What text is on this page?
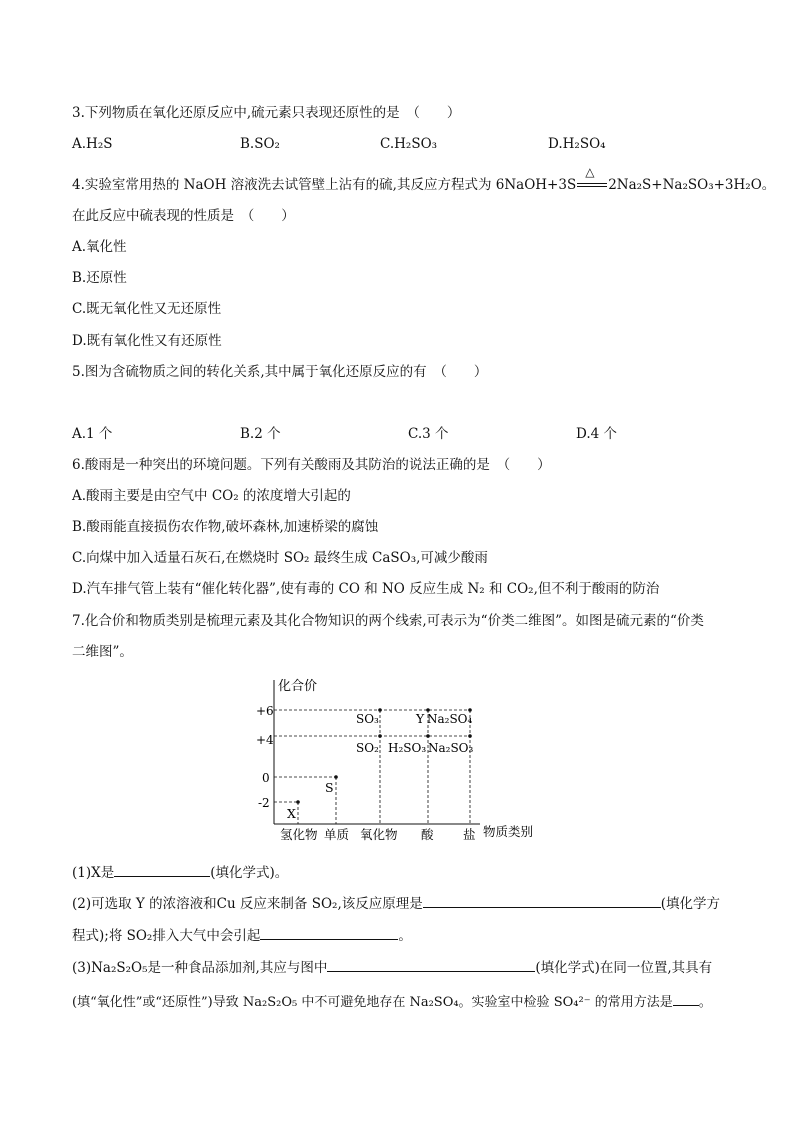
3.下列物质在氧化还原反应中,硫元素只表现还原性的是　（　　）
A.H₂S	B.SO₂	C.H₂SO₃	D.H₂SO₄
4.实验室常用热的 NaOH 溶液洗去试管壁上沾有的硫,其反应方程式为 6NaOH+3S
△
2Na₂S+Na₂SO₃+3H₂O。
在此反应中硫表现的性质是　（　　）
A.氧化性
B.还原性
C.既无氧化性又无还原性
D.既有氧化性又有还原性
5.图为含硫物质之间的转化关系,其中属于氧化还原反应的有　（　　）
A.1 个	B.2 个	C.3 个	D.4 个
6.酸雨是一种突出的环境问题。下列有关酸雨及其防治的说法正确的是　（　　）
A.酸雨主要是由空气中 CO₂ 的浓度增大引起的
B.酸雨能直接损伤农作物,破坏森林,加速桥梁的腐蚀
C.向煤中加入适量石灰石,在燃烧时 SO₂ 最终生成 CaSO₃,可减少酸雨
D.汽车排气管上装有“催化转化器”,使有毒的 CO 和 NO 反应生成 N₂ 和 CO₂,但不利于酸雨的防治
7.化合价和物质类别是梳理元素及其化合物知识的两个线索,可表示为“价类二维图”。如图是硫元素的“价类
二维图”。
化合价
物质类别
+6
+4
0
-2
X
S
SO₃	Y Na₂SO₄
SO₂ H₂SO₃ Na₂SO₃
氢化物 单质 氧化物 酸 盐
(1)X是	(填化学式)。
(2)可选取 Y 的浓溶液和Cu 反应来制备 SO₂,该反应原理是	(填化学方
程式);将 SO₂排入大气中会引起	。
(3)Na₂S₂O₅是一种食品添加剂,其应与图中	(填化学式)在同一位置,其具有
(填“氧化性”或“还原性”)导致 Na₂S₂O₅ 中不可避免地存在 Na₂SO₄。实验室中检验 SO₄²⁻ 的常用方法是 。
